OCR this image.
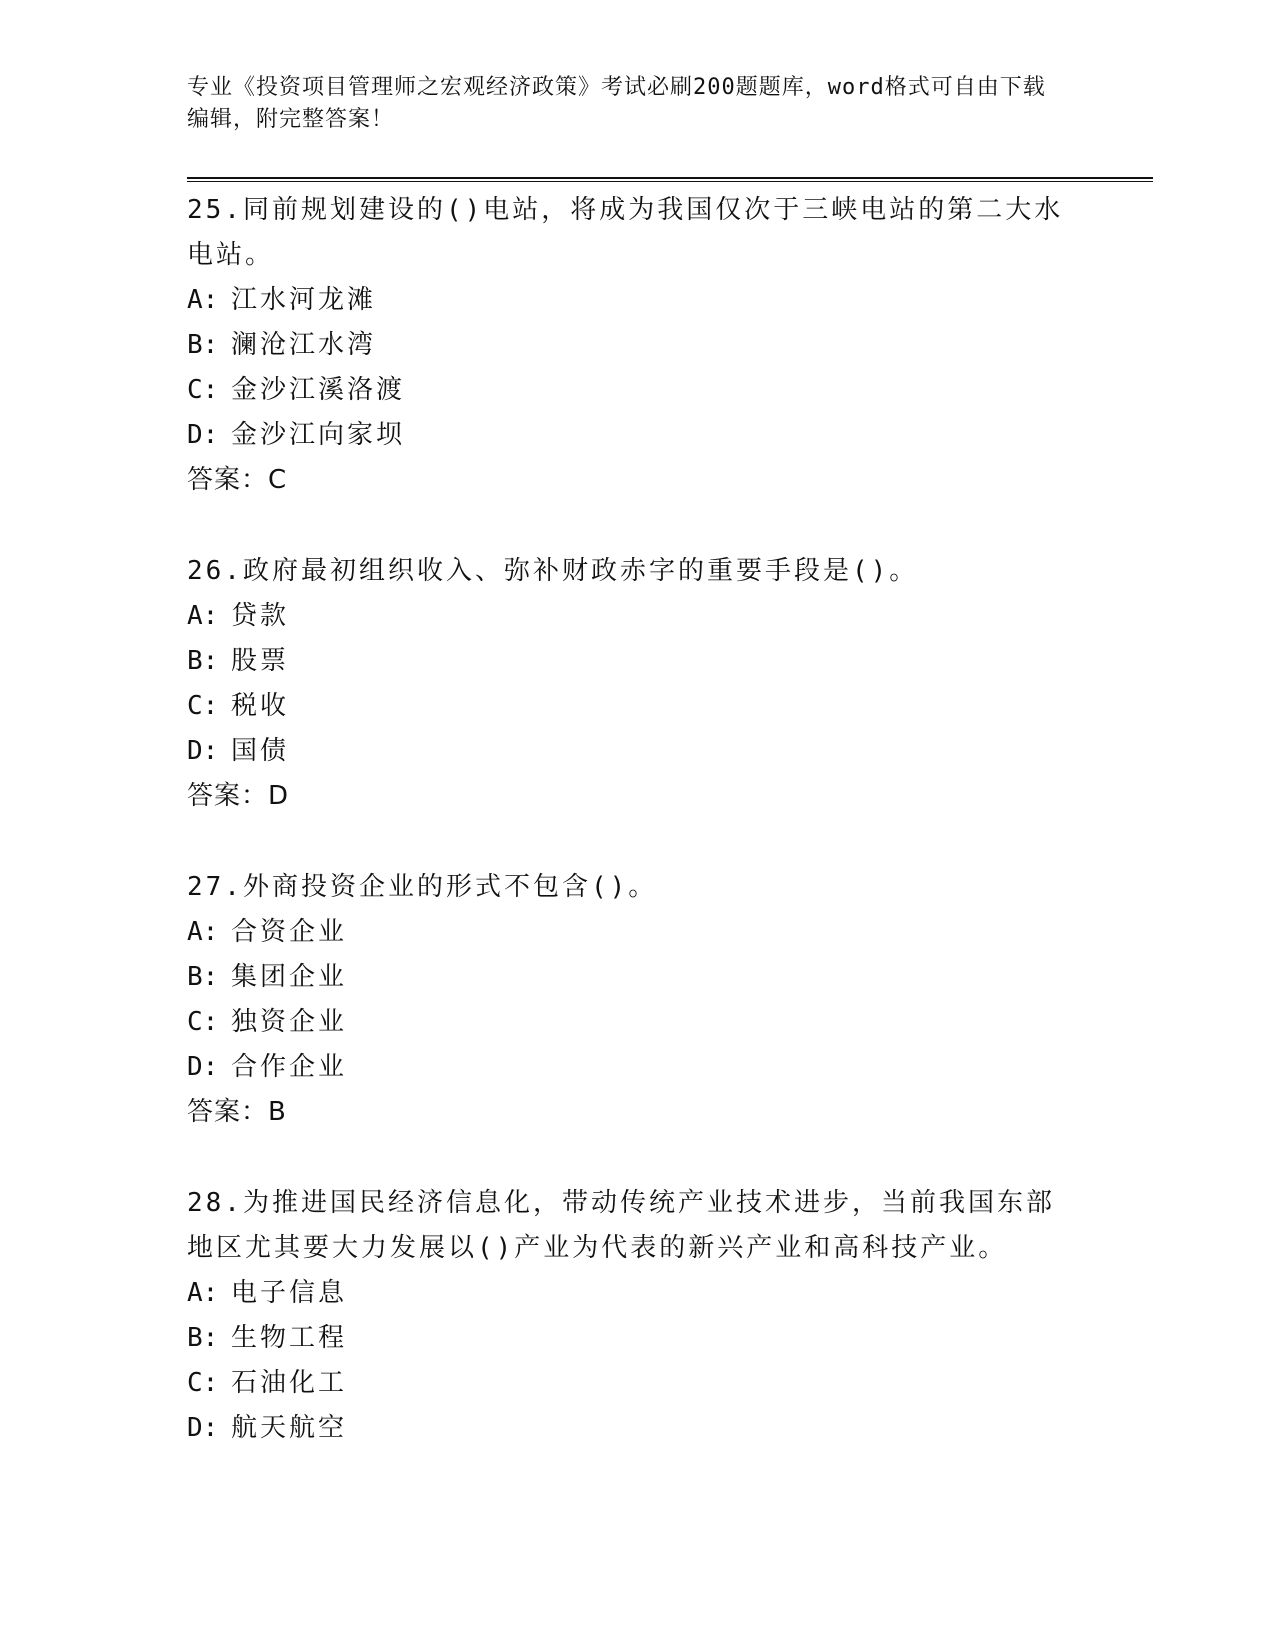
专业《投资项目管理师之宏观经济政策》考试必刷200题题库，word格式可自由下载编辑，附完整答案！
25.同前规划建设的()电站，将成为我国仅次于三峡电站的第二大水电站。
A: 江水河龙滩
B: 澜沧江水湾
C: 金沙江溪洛渡
D: 金沙江向家坝
答案：C
26.政府最初组织收入、弥补财政赤字的重要手段是()。
A: 贷款
B: 股票
C: 税收
D: 国债
答案：D
27.外商投资企业的形式不包含()。
A: 合资企业
B: 集团企业
C: 独资企业
D: 合作企业
答案：B
28.为推进国民经济信息化，带动传统产业技术进步，当前我国东部地区尤其要大力发展以()产业为代表的新兴产业和高科技产业。
A: 电子信息
B: 生物工程
C: 石油化工
D: 航天航空
